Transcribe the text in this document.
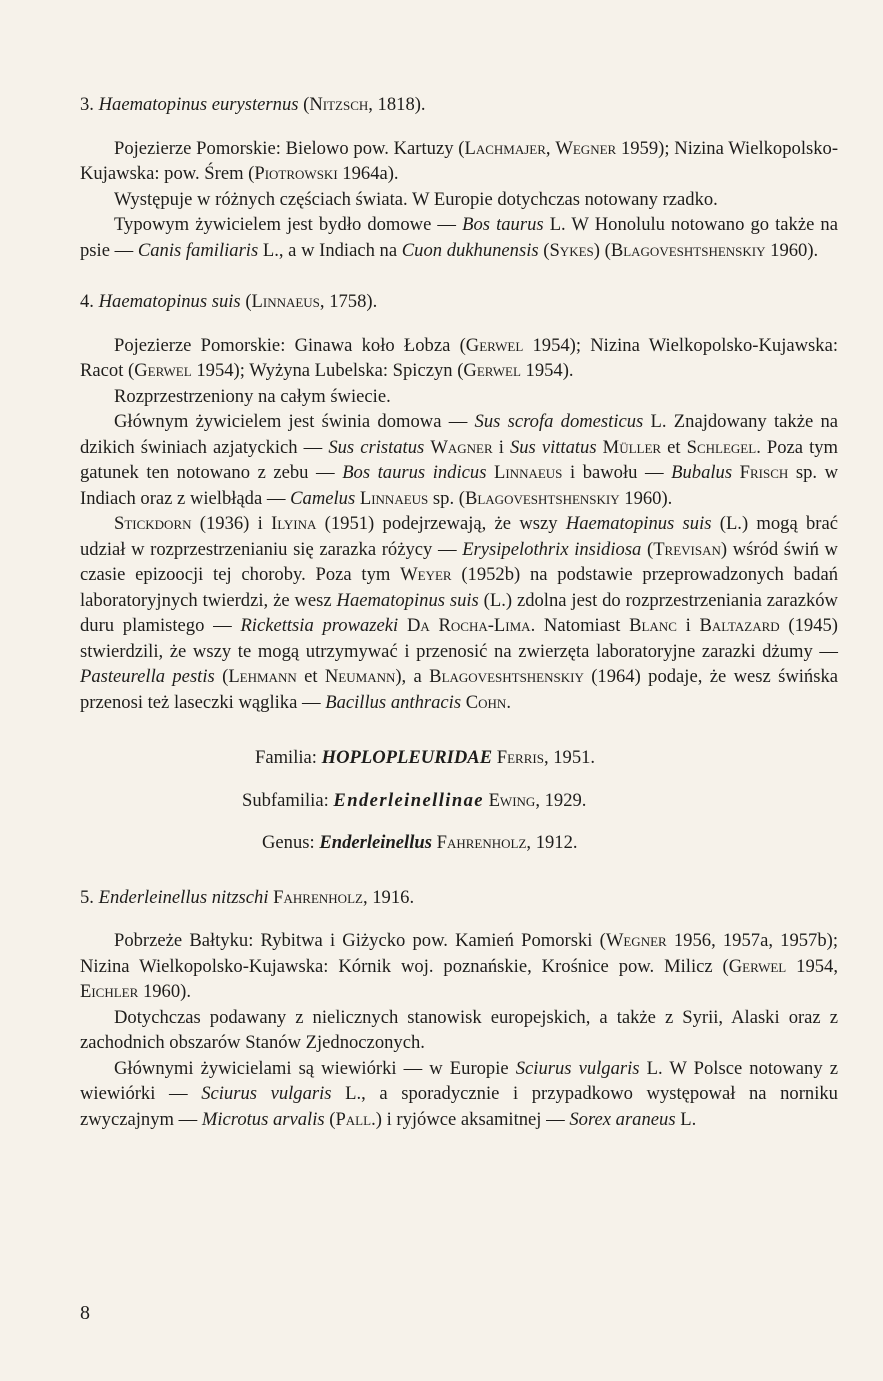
3. Haematopinus eurysternus (Nitzsch, 1818).

Pojezierze Pomorskie: Bielowo pow. Kartuzy (Lachmajer, Wegner 1959); Nizina Wielkopolsko-Kujawska: pow. Śrem (Piotrowski 1964a).

Występuje w różnych częściach świata. W Europie dotychczas notowany rzadko.

Typowym żywicielem jest bydło domowe — Bos taurus L. W Honolulu notowano go także na psie — Canis familiaris L., a w Indiach na Cuon dukhunensis (Sykes) (Blagoveshtshenskiy 1960).

4. Haematopinus suis (Linnaeus, 1758).

Pojezierze Pomorskie: Ginawa koło Łobza (Gerwel 1954); Nizina Wielkopolsko-Kujawska: Racot (Gerwel 1954); Wyżyna Lubelska: Spiczyn (Gerwel 1954).

Rozprzestrzeniony na całym świecie.

Głównym żywicielem jest świnia domowa — Sus scrofa domesticus L. Znajdowany także na dzikich świniach azjatyckich — Sus cristatus Wagner i Sus vittatus Müller et Schlegel. Poza tym gatunek ten notowano z zebu — Bos taurus indicus Linnaeus i bawołu — Bubalus Frisch sp. w Indiach oraz z wielbłąda — Camelus Linnaeus sp. (Blagoveshtshenskiy 1960).

Stickdorn (1936) i Ilyina (1951) podejrzewają, że wszy Haematopinus suis (L.) mogą brać udział w rozprzestrzenianiu się zarazka różycy — Erysipelothrix insidiosa (Trevisan) wśród świń w czasie epizoocji tej choroby. Poza tym Weyer (1952b) na podstawie przeprowadzonych badań laboratoryjnych twierdzi, że wesz Haematopinus suis (L.) zdolna jest do rozprzestrzeniania zarazków duru plamistego — Rickettsia prowazeki Da Rocha-Lima. Natomiast Blanc i Baltazard (1945) stwierdzili, że wszy te mogą utrzymywać i przenosić na zwierzęta laboratoryjne zarazki dżumy — Pasteurella pestis (Lehmann et Neumann), a Blagoveshtshenskiy (1964) podaje, że wesz świńska przenosi też laseczki wąglika — Bacillus anthracis Cohn.

Familia: HOPLOPLEURIDAE Ferris, 1951.

Subfamilia: Enderleinellinae Ewing, 1929.

Genus: Enderleinellus Fahrenholz, 1912.

5. Enderleinellus nitzschi Fahrenholz, 1916.

Pobrzeże Bałtyku: Rybitwa i Giżycko pow. Kamień Pomorski (Wegner 1956, 1957a, 1957b); Nizina Wielkopolsko-Kujawska: Kórnik woj. poznańskie, Krośnice pow. Milicz (Gerwel 1954, Eichler 1960).

Dotychczas podawany z nielicznych stanowisk europejskich, a także z Syrii, Alaski oraz z zachodnich obszarów Stanów Zjednoczonych.

Głównymi żywicielami są wiewiórki — w Europie Sciurus vulgaris L. W Polsce notowany z wiewiórki — Sciurus vulgaris L., a sporadycznie i przypadkowo występował na norniku zwyczajnym — Microtus arvalis (Pall.) i ryjówce aksamitnej — Sorex araneus L.

8
